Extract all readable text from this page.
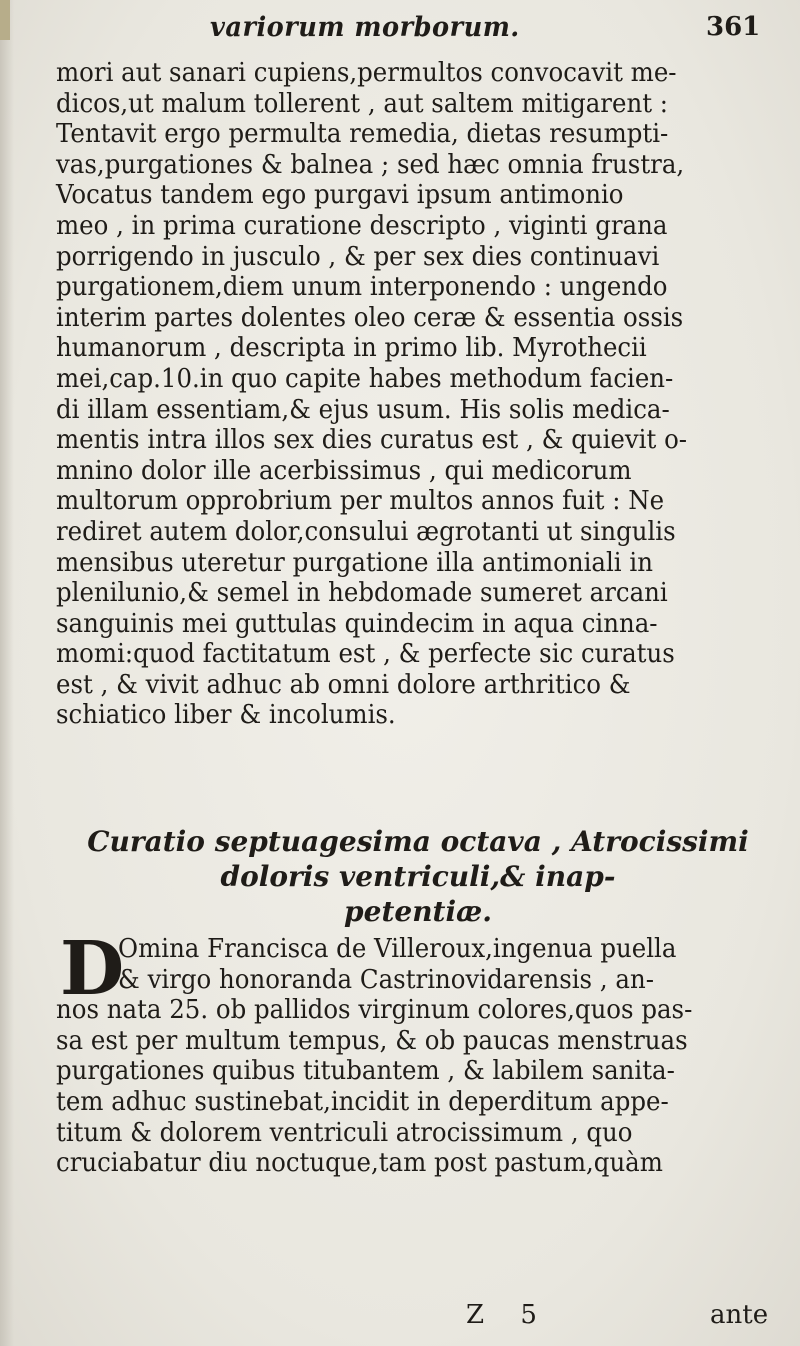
variorum morborum.	361
mori aut sanari cupiens,permultos convocavit me-
dicos,ut malum tollerent , aut saltem mitigarent :
Tentavit ergo permulta remedia, dietas resumpti-
vas,purgationes & balnea ; sed hæc omnia frustra,
Vocatus tandem ego purgavi ipsum antimonio
meo , in prima curatione descripto , viginti grana
porrigendo in jusculo , & per sex dies continuavi
purgationem,diem unum interponendo : ungendo
interim partes dolentes oleo ceræ & essentia ossis
humanorum , descripta in primo lib. Myrothecii
mei,cap.10.in quo capite habes methodum facien-
di illam essentiam,& ejus usum. His solis medica-
mentis intra illos sex dies curatus est , & quievit o-
mnino dolor ille acerbissimus , qui medicorum
multorum opprobrium per multos annos fuit : Ne
rediret autem dolor,consului ægrotanti ut singulis
mensibus uteretur purgatione illa antimoniali in
plenilunio,& semel in hebdomade sumeret arcani
sanguinis mei guttulas quindecim in aqua cinna-
momi:quod factitatum est , & perfecte sic curatus
est , & vivit adhuc ab omni dolore arthritico &
schiatico liber & incolumis.
Curatio septuagesima octava , Atrocissimi
doloris ventriculi,& inap-
petentiæ.
D
Omina Francisca de Villeroux,ingenua puella
& virgo honoranda Castrinovidarensis , an-
nos nata 25. ob pallidos virginum colores,quos pas-
sa est per multum tempus, & ob paucas menstruas
purgationes quibus titubantem , & labilem sanita-
tem adhuc sustinebat,incidit in deperditum appe-
titum & dolorem ventriculi atrocissimum , quo
cruciabatur diu noctuque,tam post pastum,quàm
Z 5	ante
